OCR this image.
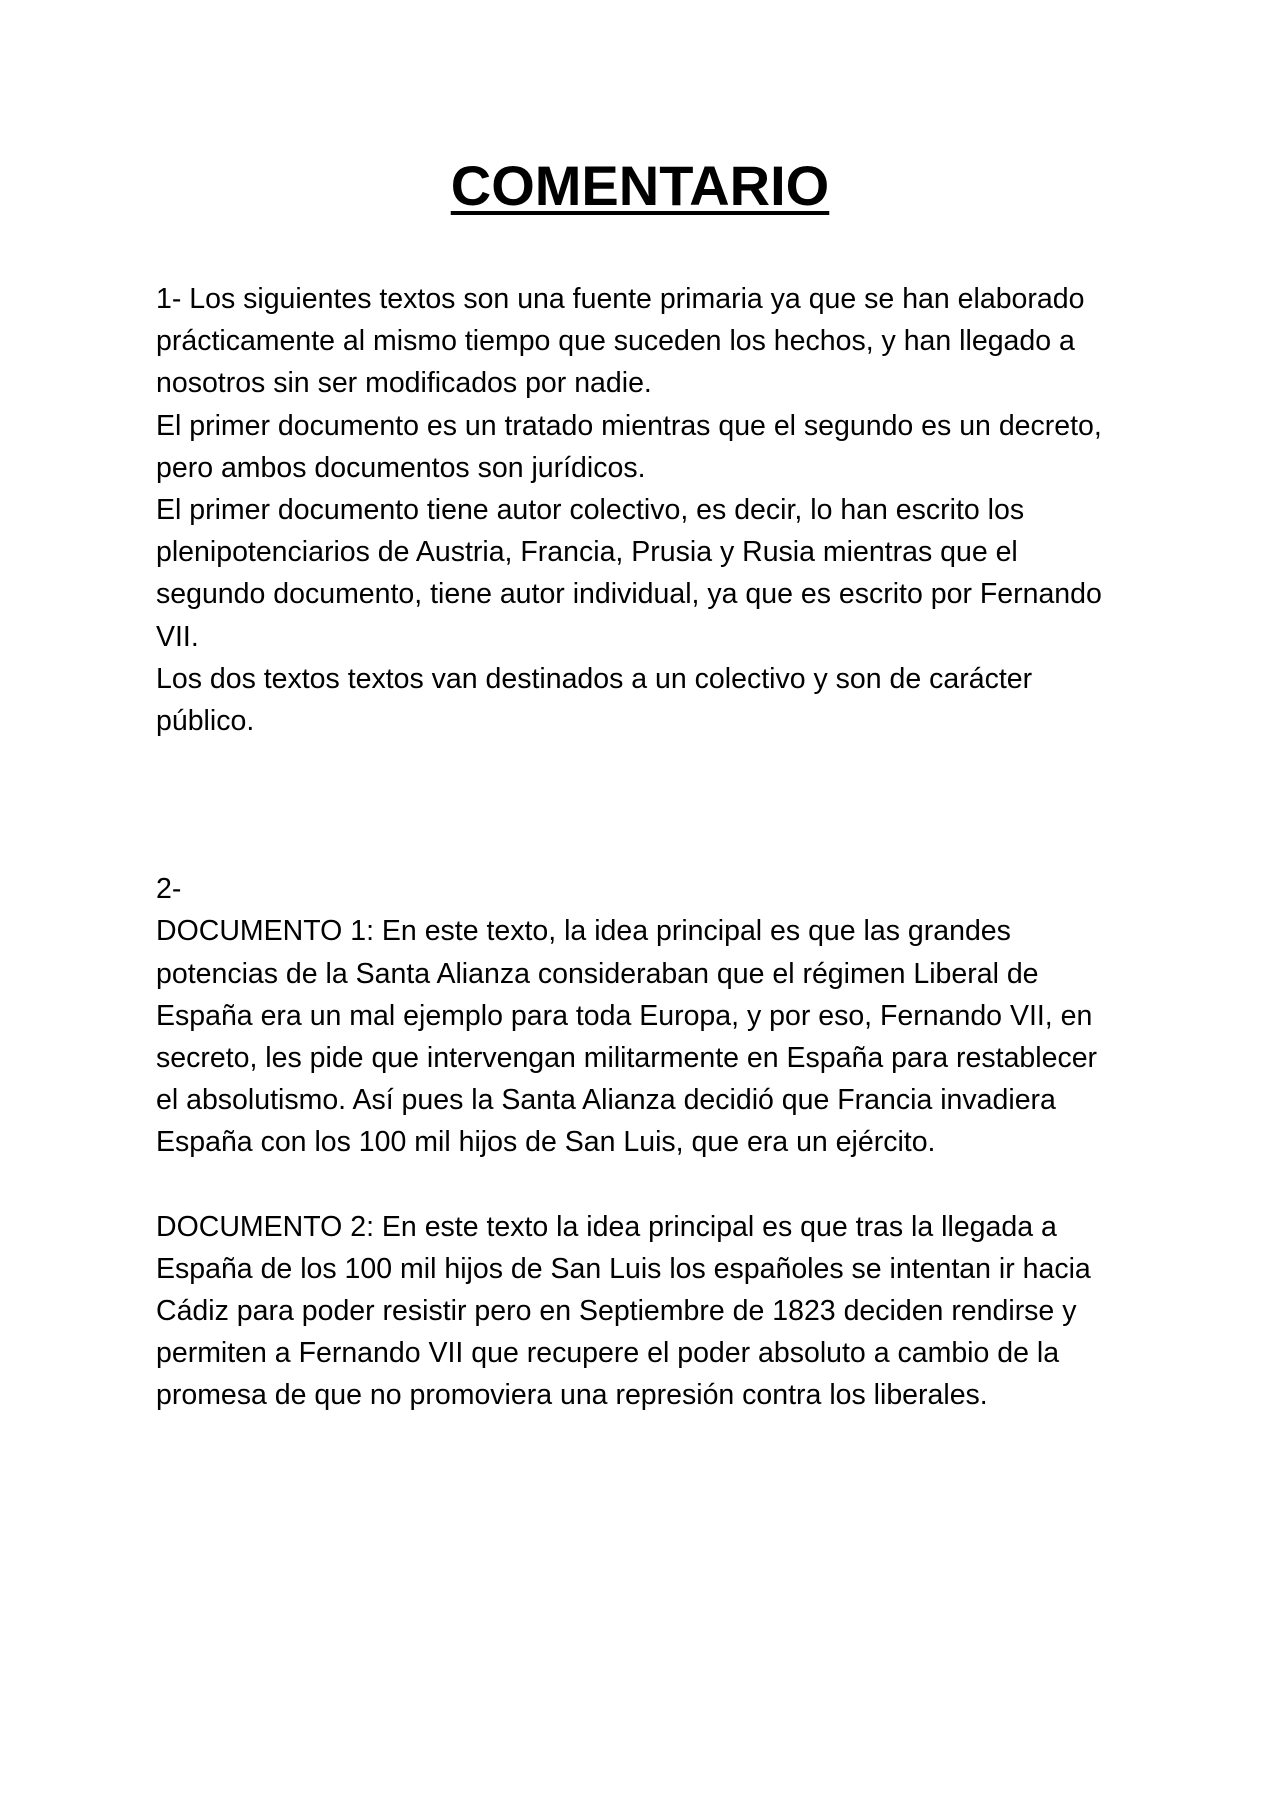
COMENTARIO

1- Los siguientes textos son una fuente primaria ya que se han elaborado prácticamente al mismo tiempo que suceden los hechos, y han llegado a nosotros sin ser modificados por nadie.

El primer documento es un tratado mientras que el segundo es un decreto, pero ambos documentos son jurídicos.

El primer documento tiene autor colectivo, es decir, lo han escrito los plenipotenciarios de Austria, Francia, Prusia y Rusia mientras que el segundo documento, tiene autor individual, ya que es escrito por Fernando VII.

Los dos textos textos van destinados a un colectivo y son de carácter público.

2-

DOCUMENTO 1: En este texto, la idea principal es que las grandes potencias de la Santa Alianza consideraban que el régimen Liberal de España era un mal ejemplo para toda Europa, y por eso, Fernando VII, en secreto, les pide que intervengan militarmente en España para restablecer el absolutismo. Así pues la Santa Alianza decidió que Francia invadiera España con los 100 mil hijos de San Luis, que era un ejército.

DOCUMENTO 2: En este texto la idea principal es que tras la llegada a España de los 100 mil hijos de San Luis los españoles se intentan ir hacia Cádiz para poder resistir pero en Septiembre de 1823 deciden rendirse y permiten a Fernando VII que recupere el poder absoluto a cambio de la promesa de que no promoviera una represión contra los liberales.
